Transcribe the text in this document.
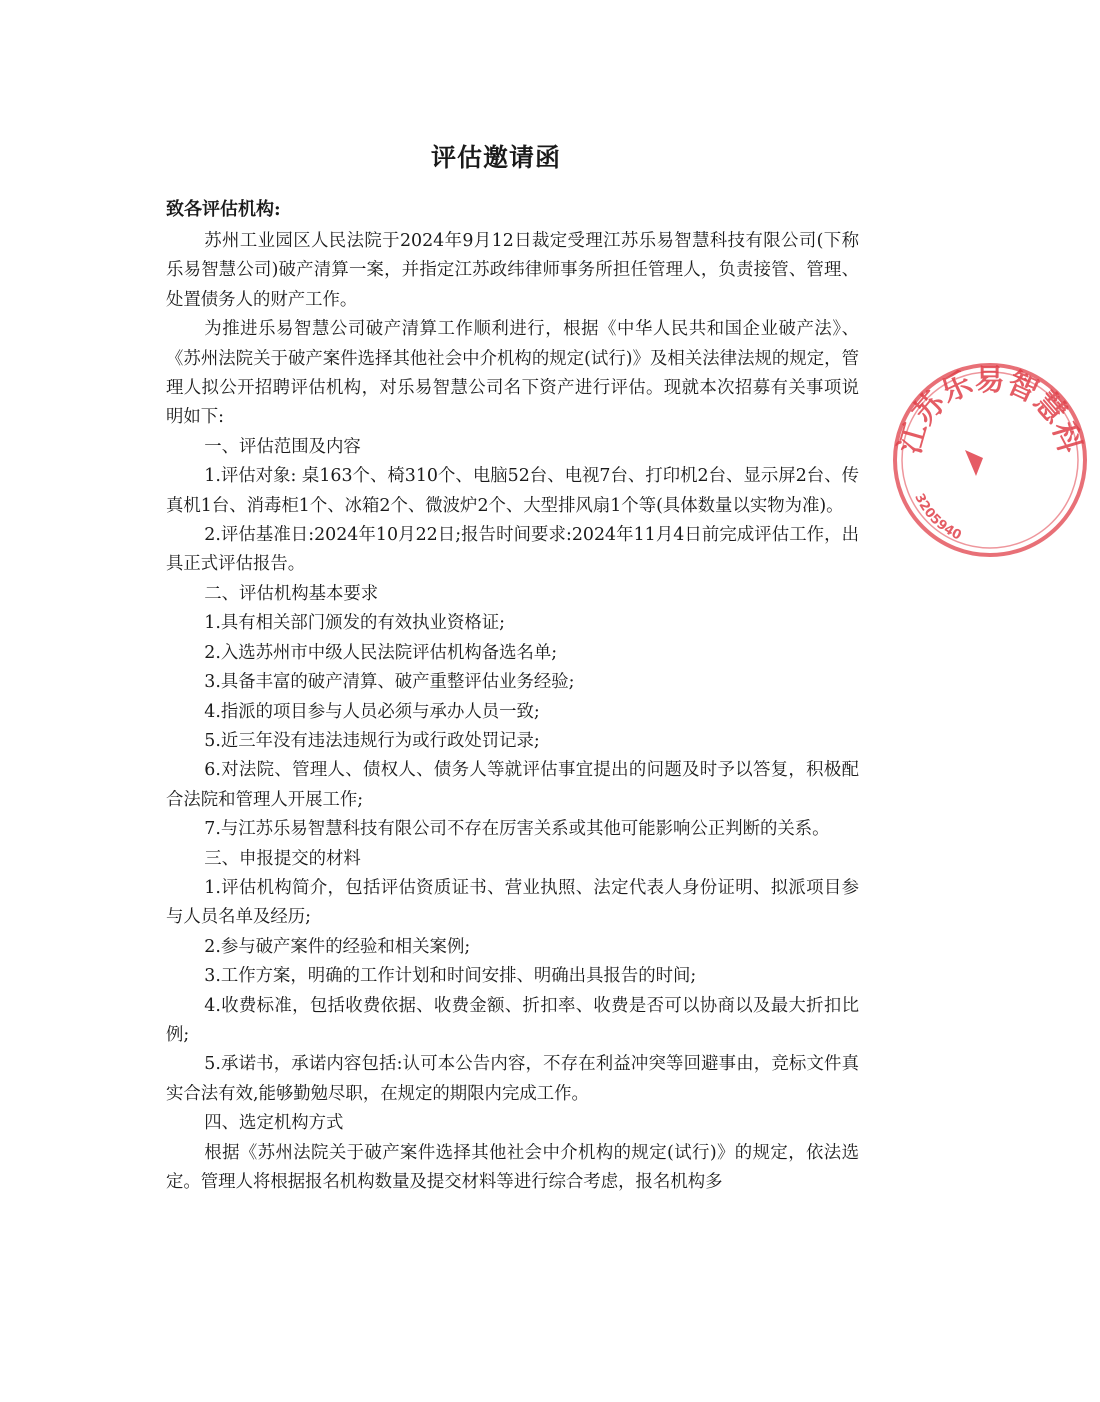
评估邀请函
致各评估机构:

苏州工业园区人民法院于2024年9月12日裁定受理江苏乐易智慧科技有限公司(下称乐易智慧公司)破产清算一案，并指定江苏政纬律师事务所担任管理人，负责接管、管理、处置债务人的财产工作。

为推进乐易智慧公司破产清算工作顺利进行，根据《中华人民共和国企业破产法》、《苏州法院关于破产案件选择其他社会中介机构的规定(试行)》及相关法律法规的规定，管理人拟公开招聘评估机构，对乐易智慧公司名下资产进行评估。现就本次招募有关事项说明如下:

一、评估范围及内容

1.评估对象: 桌163个、椅310个、电脑52台、电视7台、打印机2台、显示屏2台、传真机1台、消毒柜1个、冰箱2个、微波炉2个、大型排风扇1个等(具体数量以实物为准)。

2.评估基准日:2024年10月22日;报告时间要求:2024年11月4日前完成评估工作，出具正式评估报告。

二、评估机构基本要求

1.具有相关部门颁发的有效执业资格证;

2.入选苏州市中级人民法院评估机构备选名单;

3.具备丰富的破产清算、破产重整评估业务经验;

4.指派的项目参与人员必须与承办人员一致;

5.近三年没有违法违规行为或行政处罚记录;

6.对法院、管理人、债权人、债务人等就评估事宜提出的问题及时予以答复，积极配合法院和管理人开展工作;

7.与江苏乐易智慧科技有限公司不存在厉害关系或其他可能影响公正判断的关系。

三、申报提交的材料

1.评估机构简介，包括评估资质证书、营业执照、法定代表人身份证明、拟派项目参与人员名单及经历;

2.参与破产案件的经验和相关案例;

3.工作方案，明确的工作计划和时间安排、明确出具报告的时间;

4.收费标准，包括收费依据、收费金额、折扣率、收费是否可以协商以及最大折扣比例;

5.承诺书，承诺内容包括:认可本公告内容，不存在利益冲突等回避事由，竞标文件真实合法有效,能够勤勉尽职，在规定的期限内完成工作。

四、选定机构方式

根据《苏州法院关于破产案件选择其他社会中介机构的规定(试行)》的规定，依法选定。管理人将根据报名机构数量及提交材料等进行综合考虑，报名机构多

江苏乐易智慧科
3205940
